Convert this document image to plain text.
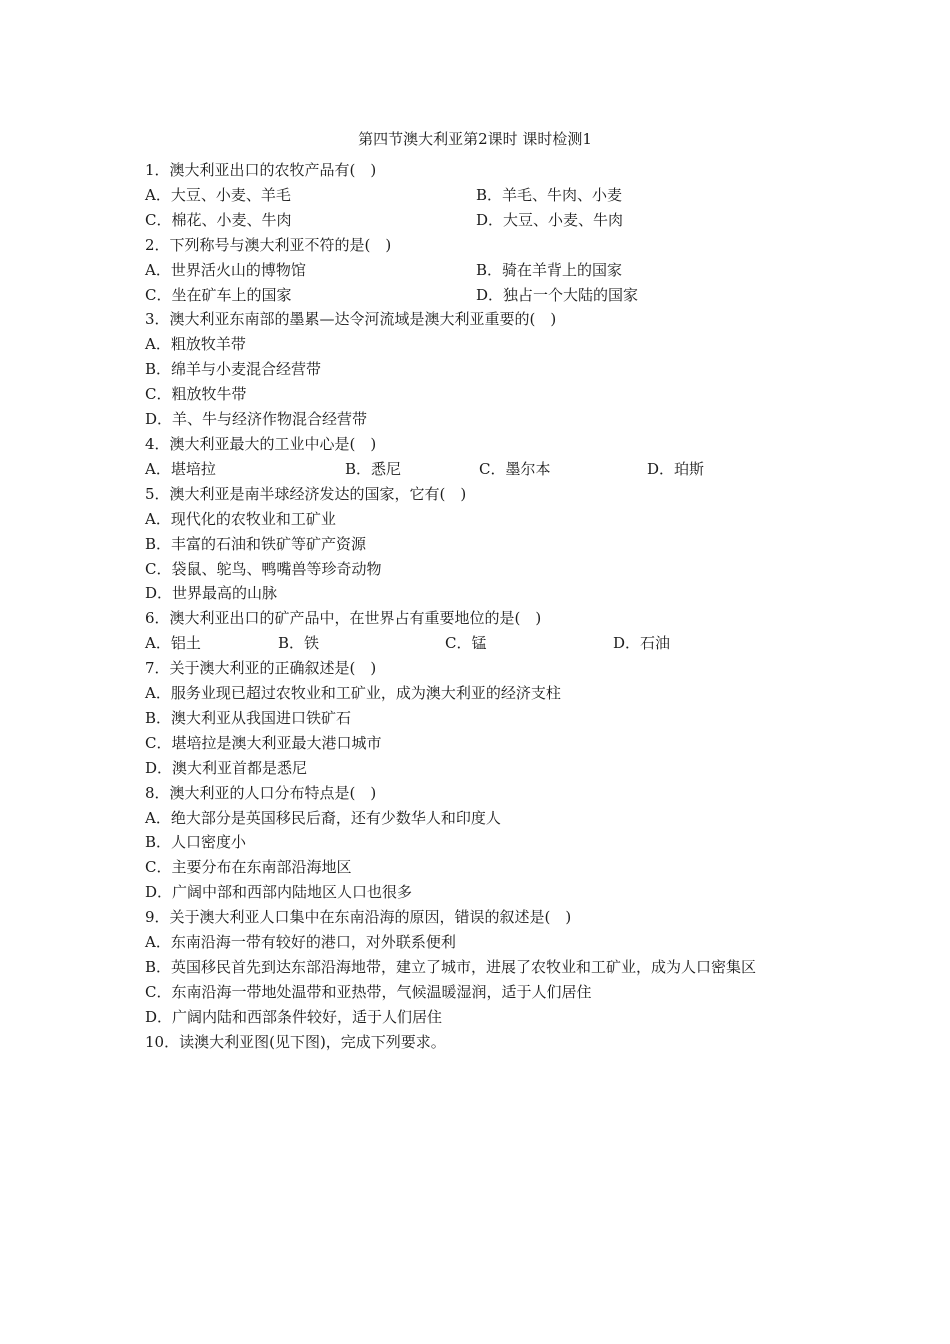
第四节澳大利亚第2课时 课时检测1
1．澳大利亚出口的农牧产品有(　)
A．大豆、小麦、羊毛	B．羊毛、牛肉、小麦
C．棉花、小麦、牛肉	D．大豆、小麦、牛肉
2．下列称号与澳大利亚不符的是(　)
A．世界活火山的博物馆	B．骑在羊背上的国家
C．坐在矿车上的国家	D．独占一个大陆的国家
3．澳大利亚东南部的墨累—达令河流域是澳大利亚重要的(　)
A．粗放牧羊带
B．绵羊与小麦混合经营带
C．粗放牧牛带
D．羊、牛与经济作物混合经营带
4．澳大利亚最大的工业中心是(　)
A．堪培拉	B．悉尼	C．墨尔本	D．珀斯
5．澳大利亚是南半球经济发达的国家，它有(　)
A．现代化的农牧业和工矿业
B．丰富的石油和铁矿等矿产资源
C．袋鼠、鸵鸟、鸭嘴兽等珍奇动物
D．世界最高的山脉
6．澳大利亚出口的矿产品中，在世界占有重要地位的是(　)
A．铝土	B．铁	C．锰	D．石油
7．关于澳大利亚的正确叙述是(　)
A．服务业现已超过农牧业和工矿业，成为澳大利亚的经济支柱
B．澳大利亚从我国进口铁矿石
C．堪培拉是澳大利亚最大港口城市
D．澳大利亚首都是悉尼
8．澳大利亚的人口分布特点是(　)
A．绝大部分是英国移民后裔，还有少数华人和印度人
B．人口密度小
C．主要分布在东南部沿海地区
D．广阔中部和西部内陆地区人口也很多
9．关于澳大利亚人口集中在东南沿海的原因，错误的叙述是(　)
A．东南沿海一带有较好的港口，对外联系便利
B．英国移民首先到达东部沿海地带，建立了城市，进展了农牧业和工矿业，成为人口密集区
C．东南沿海一带地处温带和亚热带，气候温暖湿润，适于人们居住
D．广阔内陆和西部条件较好，适于人们居住
10．读澳大利亚图(见下图)，完成下列要求。
